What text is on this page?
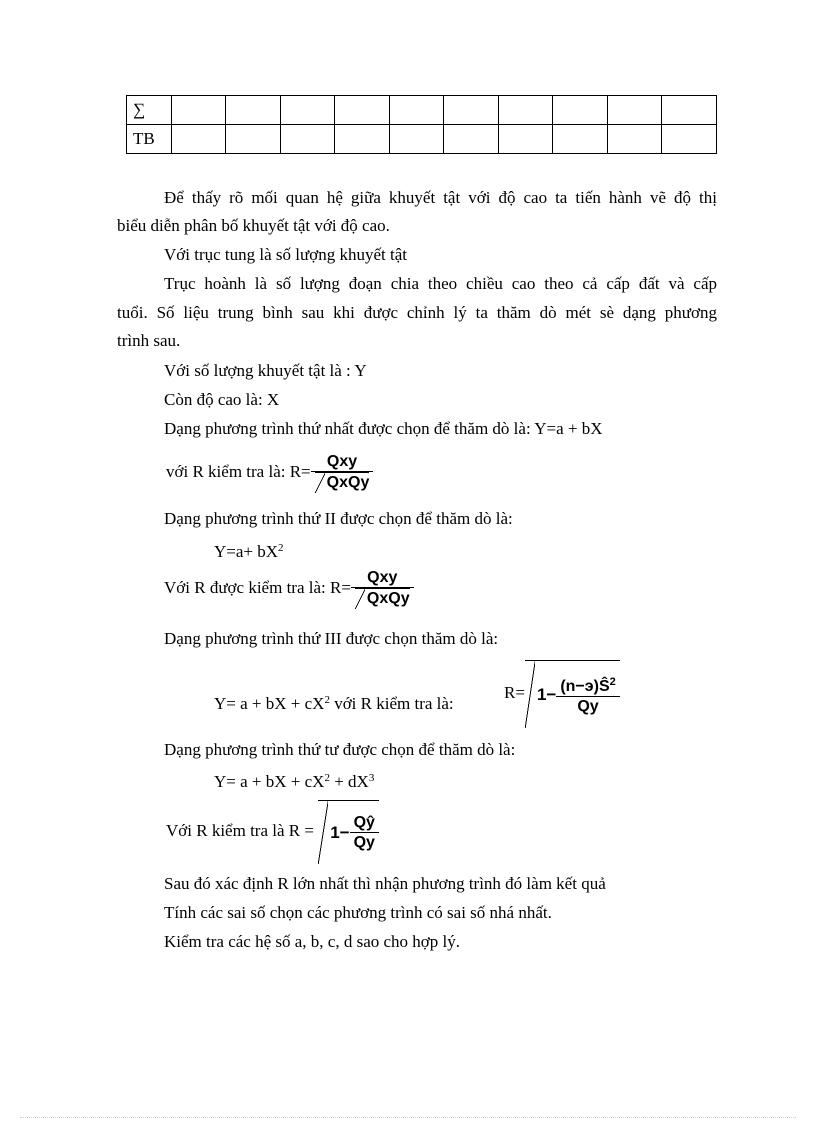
∑										
TB										
Để thấy rõ mối quan hệ giữa khuyết tật với độ cao ta tiến hành vẽ độ thị
biểu diễn phân bố khuyết tật với độ cao.
Với trục tung là số lượng khuyết tật
Trục hoành là số lượng đoạn chia theo chiều cao theo cả cấp đất và cấp
tuổi. Số liệu trung bình sau khi được chỉnh lý ta thăm dò mét sè dạng phương
trình sau.
Với số lượng khuyết tật là : Y
Còn độ cao là: X
Dạng phương trình thứ nhất được chọn để thăm dò là: Y=a + bX
với R kiểm tra là: $R= \frac{\text{Qxy}}{\text{QxQy}}$
Dạng phương trình thứ II được chọn để thăm dò là:
$Y=a+ bX^2$
Với R được kiểm tra là: $R= \frac{\text{Qxy}}{\text{QxQy}}$
Dạng phương trình thứ III được chọn thăm dò là:
Y= a + bX + $cX^2$ với R kiểm tra là:
$R= 1- \frac{(n-э)Ŝ^2}{Qy}$
Dạng phương trình thứ tư được chọn để thăm dò là:
Y= a + bX + $cX^2 + dX^3$
Với R kiểm tra là $R = 1- \frac{Qŷ}{Qy}$
Sau đó xác định R lớn nhất thì nhận phương trình đó làm kết quả
Tính các sai số chọn các phương trình có sai số nhá nhất.
Kiểm tra các hệ số a, b, c, d sao cho hợp lý.
